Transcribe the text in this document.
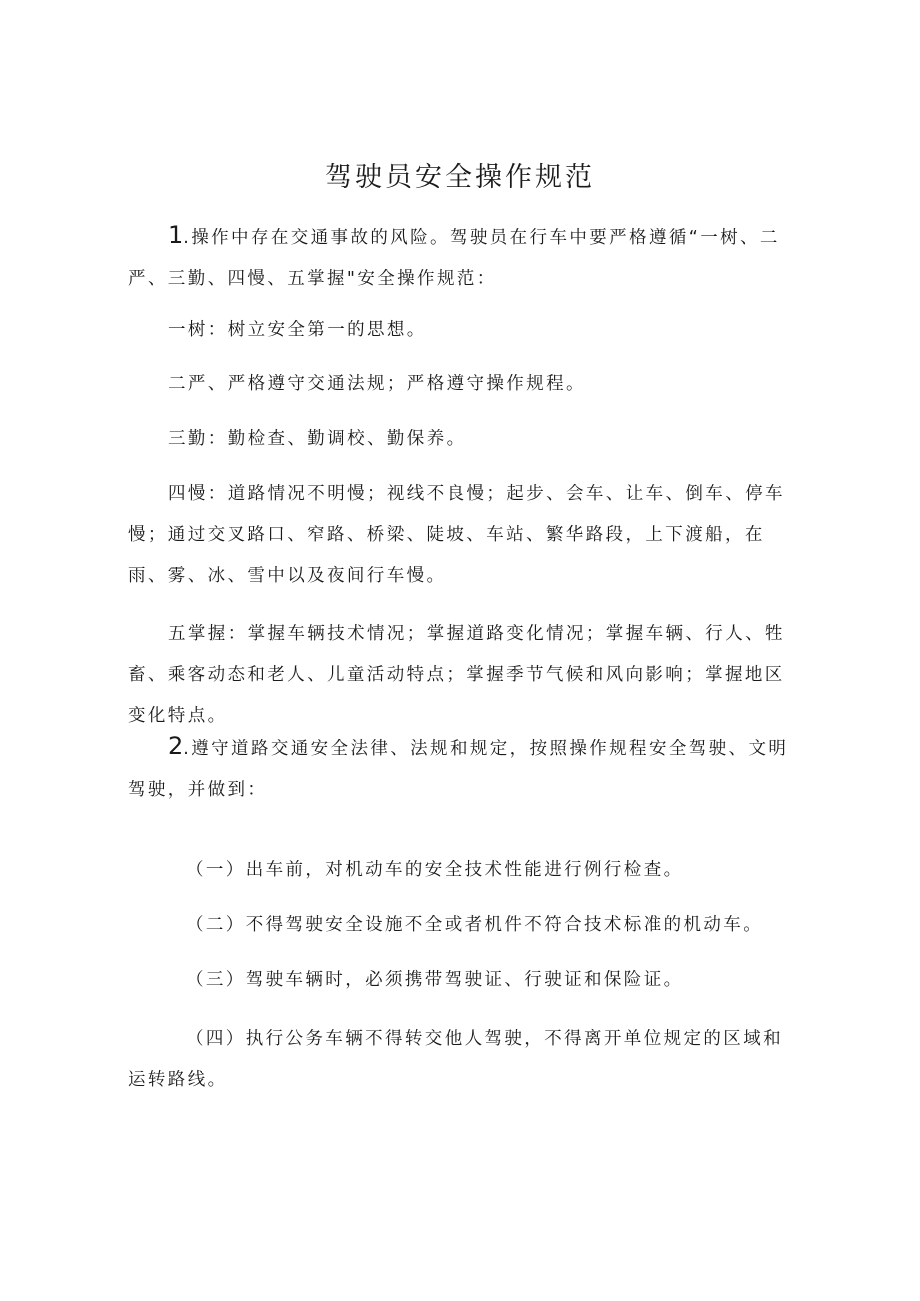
驾驶员安全操作规范

1.操作中存在交通事故的风险。驾驶员在行车中要严格遵循“一树、二严、三勤、四慢、五掌握"安全操作规范：

一树：树立安全第一的思想。

二严、严格遵守交通法规；严格遵守操作规程。

三勤：勤检查、勤调校、勤保养。

四慢：道路情况不明慢；视线不良慢；起步、会车、让车、倒车、停车慢；通过交叉路口、窄路、桥梁、陡坡、车站、繁华路段，上下渡船，在雨、雾、冰、雪中以及夜间行车慢。

五掌握：掌握车辆技术情况；掌握道路变化情况；掌握车辆、行人、牲畜、乘客动态和老人、儿童活动特点；掌握季节气候和风向影响；掌握地区变化特点。

2.遵守道路交通安全法律、法规和规定，按照操作规程安全驾驶、文明驾驶，并做到：

（一）出车前，对机动车的安全技术性能进行例行检查。

（二）不得驾驶安全设施不全或者机件不符合技术标准的机动车。

（三）驾驶车辆时，必须携带驾驶证、行驶证和保险证。

（四）执行公务车辆不得转交他人驾驶，不得离开单位规定的区域和运转路线。
